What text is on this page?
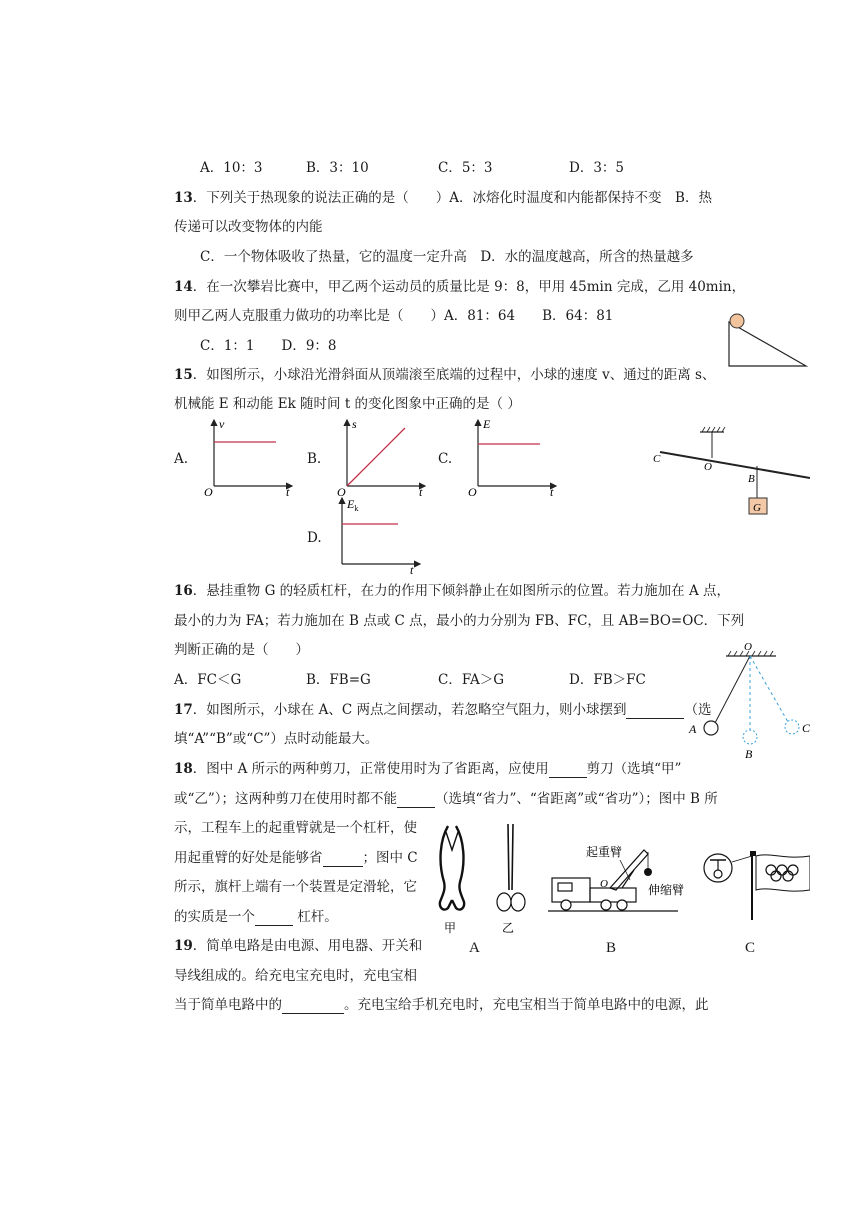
A．10：3	B．3：10	C．5：3	D．3：5
13．下列关于热现象的说法正确的是（　　）A．冰熔化时温度和内能都保持不变　B．热
传递可以改变物体的内能
C．一个物体吸收了热量，它的温度一定升高　D．水的温度越高，所含的热量越多
14．在一次攀岩比赛中，甲乙两个运动员的质量比是 9：8，甲用 45min 完成，乙用 40min，
则甲乙两人克服重力做功的功率比是（　　）A．81：64　　B．64：81
C．1：1　　D．9：8
15．如图所示，小球沿光滑斜面从顶端滚至底端的过程中，小球的速度 v、通过的距离 s、
机械能 E 和动能 Ek 随时间 t 的变化图象中正确的是（ ）
A.	B.	C.
D.
v
O	t
s
O	t
E
O	t
$E_k$
t
G
C
O
B
16．悬挂重物 G 的轻质杠杆，在力的作用下倾斜静止在如图所示的位置。若力施加在 A 点，
最小的力为 FA；若力施加在 B 点或 C 点，最小的力分别为 FB、FC，且 AB=BO=OC．下列
判断正确的是（　　）
A．FC＜G	B．FB=G	C．FA＞G	D．FB＞FC
O
A
B
C
17．如图所示，小球在 A、C 两点之间摆动，若忽略空气阻力，则小球摆到	（选
填“A”“B”或“C”）点时动能最大。
18．图中 A 所示的两种剪刀，正常使用时为了省距离，应使用	剪刀（选填“甲”
或“乙”）；这两种剪刀在使用时都不能	（选填“省力”、“省距离”或“省功”）；图中 B 所
示，工程车上的起重臂就是一个杠杆，使
用起重臂的好处是能够省	；图中 C
所示，旗杆上端有一个装置是定滑轮，它
的实质是一个	杠杆。
甲	乙
A
起重臂
O	伸缩臂
B	C
19．简单电路是由电源、用电器、开关和
导线组成的。给充电宝充电时，充电宝相
当于简单电路中的	。充电宝给手机充电时，充电宝相当于简单电路中的电源，此
